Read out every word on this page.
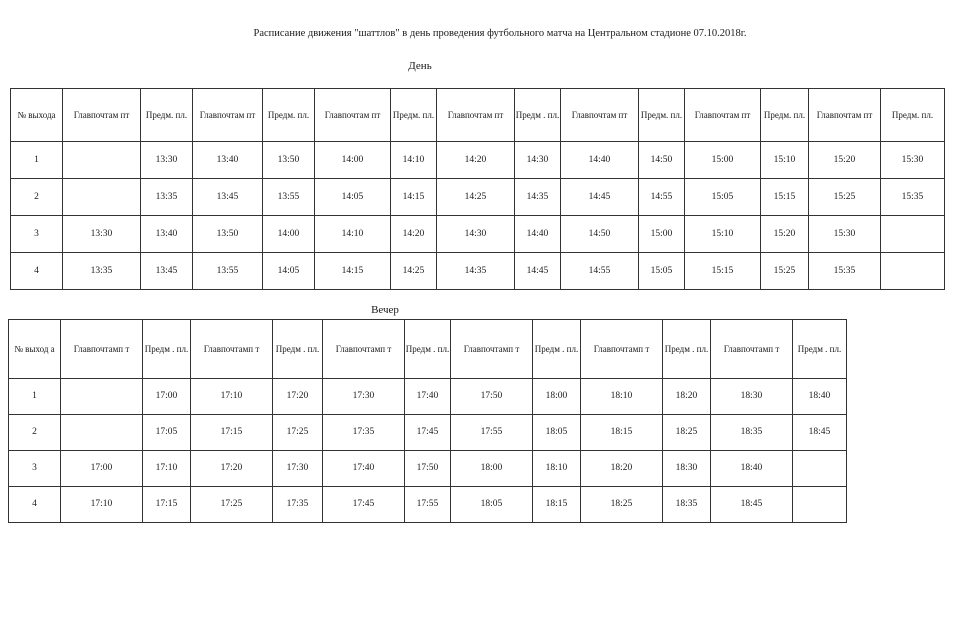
Расписание движения "шаттлов" в день проведения футбольного матча на Центральном стадионе 07.10.2018г.
День
№ выхода	Главпочтам пт	Предм. пл.	Главпочтам пт	Предм. пл.	Главпочтам пт	Предм. пл.	Главпочтам пт	Предм . пл.	Главпочтам пт	Предм. пл.	Главпочтам пт	Предм. пл.	Главпочтам пт	Предм. пл.
1		13:30	13:40	13:50	14:00	14:10	14:20	14:30	14:40	14:50	15:00	15:10	15:20	15:30
2		13:35	13:45	13:55	14:05	14:15	14:25	14:35	14:45	14:55	15:05	15:15	15:25	15:35
3	13:30	13:40	13:50	14:00	14:10	14:20	14:30	14:40	14:50	15:00	15:10	15:20	15:30	
4	13:35	13:45	13:55	14:05	14:15	14:25	14:35	14:45	14:55	15:05	15:15	15:25	15:35	
Вечер
№ выход а	Главпочтамп т	Предм . пл.	Главпочтамп т	Предм . пл.	Главпочтамп т	Предм . пл.	Главпочтамп т	Предм . пл.	Главпочтамп т	Предм . пл.	Главпочтамп т	Предм . пл.
1		17:00	17:10	17:20	17:30	17:40	17:50	18:00	18:10	18:20	18:30	18:40
2		17:05	17:15	17:25	17:35	17:45	17:55	18:05	18:15	18:25	18:35	18:45
3	17:00	17:10	17:20	17:30	17:40	17:50	18:00	18:10	18:20	18:30	18:40	
4	17:10	17:15	17:25	17:35	17:45	17:55	18:05	18:15	18:25	18:35	18:45	
